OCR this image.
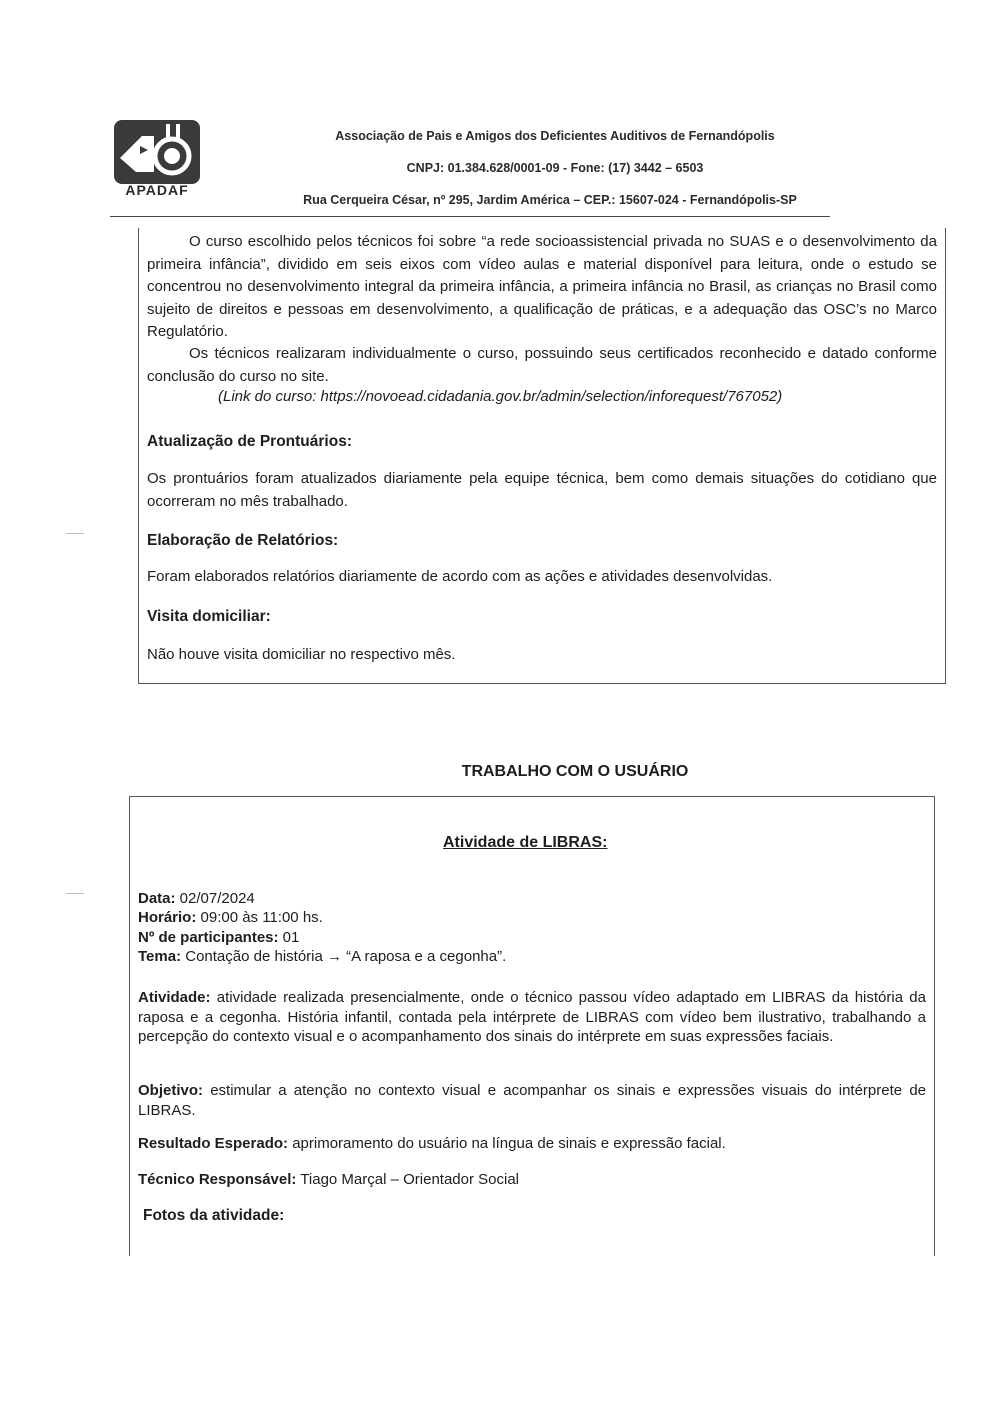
APADAF
Associação de Pais e Amigos dos Deficientes Auditivos de Fernandópolis
CNPJ: 01.384.628/0001-09 - Fone: (17) 3442 – 6503
Rua Cerqueira César, nº 295, Jardim América – CEP.: 15607-024 - Fernandópolis-SP
O curso escolhido pelos técnicos foi sobre “a rede socioassistencial privada no SUAS e o desenvolvimento da primeira infância”, dividido em seis eixos com vídeo aulas e material disponível para leitura, onde o estudo se concentrou no desenvolvimento integral da primeira infância, a primeira infância no Brasil, as crianças no Brasil como sujeito de direitos e pessoas em desenvolvimento, a qualificação de práticas, e a adequação das OSC’s no Marco Regulatório.
Os técnicos realizaram individualmente o curso, possuindo seus certificados reconhecido e datado conforme conclusão do curso no site.
(Link do curso: https://novoead.cidadania.gov.br/admin/selection/inforequest/767052)
Atualização de Prontuários:
Os prontuários foram atualizados diariamente pela equipe técnica, bem como demais situações do cotidiano que ocorreram no mês trabalhado.
Elaboração de Relatórios:
Foram elaborados relatórios diariamente de acordo com as ações e atividades desenvolvidas.
Visita domiciliar:
Não houve visita domiciliar no respectivo mês.
TRABALHO COM O USUÁRIO
Atividade de LIBRAS:
Data: 02/07/2024
Horário: 09:00 às 11:00 hs.
Nº de participantes: 01
Tema: Contação de história → “A raposa e a cegonha”.
Atividade: atividade realizada presencialmente, onde o técnico passou vídeo adaptado em LIBRAS da história da raposa e a cegonha. História infantil, contada pela intérprete de LIBRAS com vídeo bem ilustrativo, trabalhando a percepção do contexto visual e o acompanhamento dos sinais do intérprete em suas expressões faciais.
Objetivo: estimular a atenção no contexto visual e acompanhar os sinais e expressões visuais do intérprete de LIBRAS.
Resultado Esperado: aprimoramento do usuário na língua de sinais e expressão facial.
Técnico Responsável: Tiago Marçal – Orientador Social
Fotos da atividade:
